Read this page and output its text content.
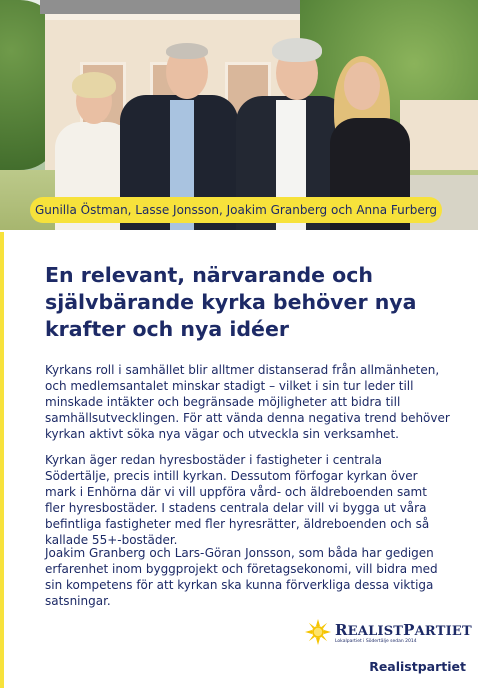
Gunilla Östman, Lasse Jonsson, Joakim Granberg och Anna Furberg
En relevant, närvarande och självbärande kyrka behöver nya krafter och nya idéer

Kyrkans roll i samhället blir alltmer distanserad från allmänheten, och medlemsantalet minskar stadigt – vilket i sin tur leder till minskade intäkter och begränsade möjligheter att bidra till samhällsutvecklingen. För att vända denna negativa trend behöver kyrkan aktivt söka nya vägar och utveckla sin verksamhet.

Kyrkan äger redan hyresbostäder i fastigheter i centrala Södertälje, precis intill kyrkan. Dessutom förfogar kyrkan över mark i Enhörna där vi vill uppföra vård- och äldreboenden samt fler hyresbostäder. I stadens centrala delar vill vi bygga ut våra befintliga fastigheter med fler hyresrätter, äldreboenden och så kallade 55+-bostäder.

Joakim Granberg och Lars-Göran Jonsson, som båda har gedigen erfarenhet inom byggprojekt och företagsekonomi, vill bidra med sin kompetens för att kyrkan ska kunna förverkliga dessa viktiga satsningar.

REALISTPARTIET
Lokalpartiet i Södertälje sedan 2014
Realistpartiet
